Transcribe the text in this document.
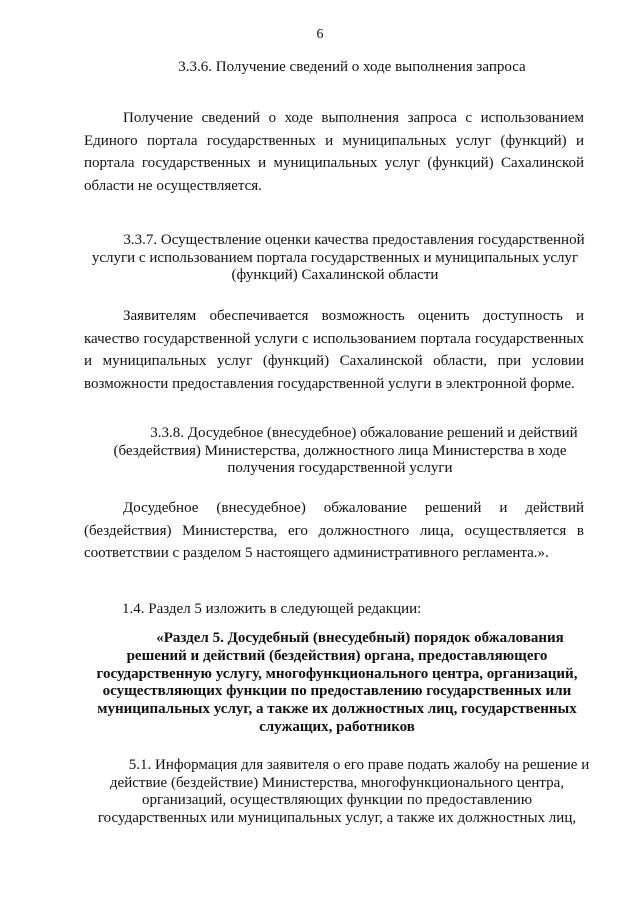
6
3.3.6. Получение сведений о ходе выполнения запроса
Получение сведений о ходе выполнения запроса с использованием
Единого портала государственных и муниципальных услуг (функций) и
портала государственных и муниципальных услуг (функций) Сахалинской
области не осуществляется.
3.3.7. Осуществление оценки качества предоставления государственной
услуги с использованием портала государственных и муниципальных услуг
(функций) Сахалинской области
Заявителям обеспечивается возможность оценить доступность и
качество государственной услуги с использованием портала государственных
и муниципальных услуг (функций) Сахалинской области, при условии
возможности предоставления государственной услуги в электронной форме.
3.3.8. Досудебное (внесудебное) обжалование решений и действий
(бездействия) Министерства, должностного лица Министерства в ходе
получения государственной услуги
Досудебное (внесудебное) обжалование решений и действий
(бездействия) Министерства, его должностного лица, осуществляется в
соответствии с разделом 5 настоящего административного регламента.».
1.4. Раздел 5 изложить в следующей редакции:
«Раздел 5. Досудебный (внесудебный) порядок обжалования
решений и действий (бездействия) органа, предоставляющего
государственную услугу, многофункционального центра, организаций,
осуществляющих функции по предоставлению государственных или
муниципальных услуг, а также их должностных лиц, государственных
служащих, работников
5.1. Информация для заявителя о его праве подать жалобу на решение и
действие (бездействие) Министерства, многофункционального центра,
организаций, осуществляющих функции по предоставлению
государственных или муниципальных услуг, а также их должностных лиц,
